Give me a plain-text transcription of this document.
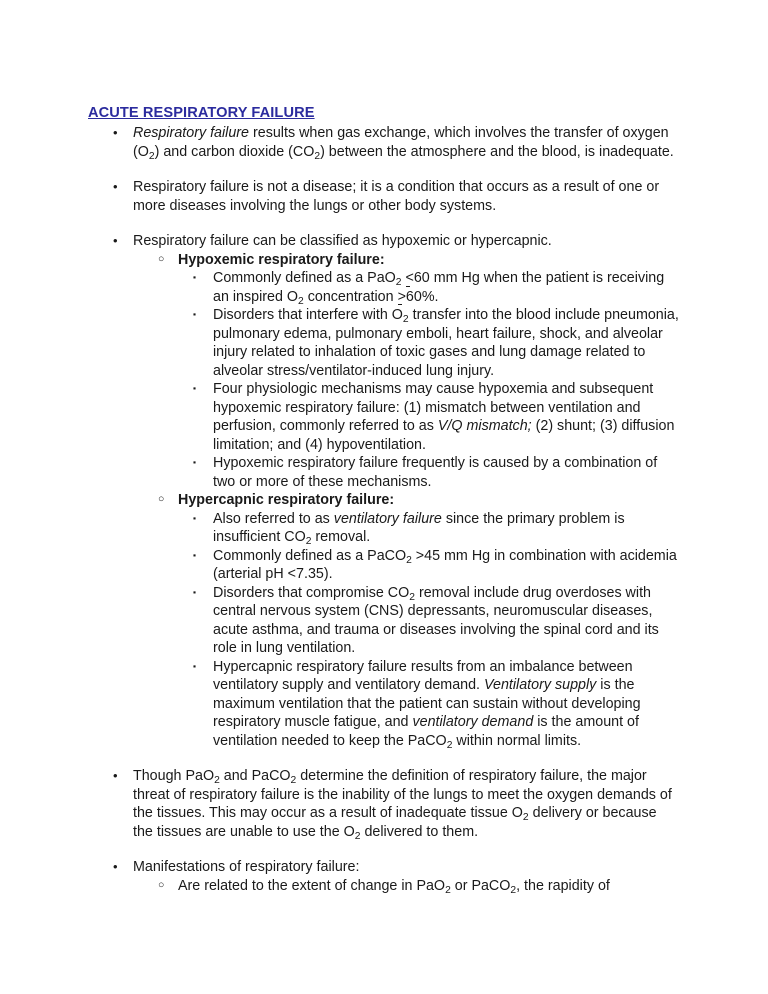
ACUTE RESPIRATORY FAILURE
• Respiratory failure results when gas exchange, which involves the transfer of oxygen $(O_2)$ and carbon dioxide $(CO_2)$ between the atmosphere and the blood, is inadequate.
• Respiratory failure is not a disease; it is a condition that occurs as a result of one or more diseases involving the lungs or other body systems.
• Respiratory failure can be classified as hypoxemic or hypercapnic.
○ Hypoxemic respiratory failure:
▪ Commonly defined as a PaO$_2$ <60 mm Hg when the patient is receiving an inspired $O_2$ concentration >60%.
▪ Disorders that interfere with $O_2$ transfer into the blood include pneumonia, pulmonary edema, pulmonary emboli, heart failure, shock, and alveolar injury related to inhalation of toxic gases and lung damage related to alveolar stress/ventilator-induced lung injury.
▪ Four physiologic mechanisms may cause hypoxemia and subsequent hypoxemic respiratory failure: (1) mismatch between ventilation and perfusion, commonly referred to as V/Q mismatch; (2) shunt; (3) diffusion limitation; and (4) hypoventilation.
▪ Hypoxemic respiratory failure frequently is caused by a combination of two or more of these mechanisms.
○ Hypercapnic respiratory failure:
▪ Also referred to as ventilatory failure since the primary problem is insufficient $CO_2$ removal.
▪ Commonly defined as a PaCO$_2$ >45 mm Hg in combination with acidemia (arterial pH <7.35).
▪ Disorders that compromise $CO_2$ removal include drug overdoses with central nervous system (CNS) depressants, neuromuscular diseases, acute asthma, and trauma or diseases involving the spinal cord and its role in lung ventilation.
▪ Hypercapnic respiratory failure results from an imbalance between ventilatory supply and ventilatory demand. Ventilatory supply is the maximum ventilation that the patient can sustain without developing respiratory muscle fatigue, and ventilatory demand is the amount of ventilation needed to keep the PaCO$_2$ within normal limits.
• Though PaO$_2$ and PaCO$_2$ determine the definition of respiratory failure, the major threat of respiratory failure is the inability of the lungs to meet the oxygen demands of the tissues. This may occur as a result of inadequate tissue $O_2$ delivery or because the tissues are unable to use the $O_2$ delivered to them.
• Manifestations of respiratory failure:
○ Are related to the extent of change in PaO$_2$ or PaCO$_2$, the rapidity of
